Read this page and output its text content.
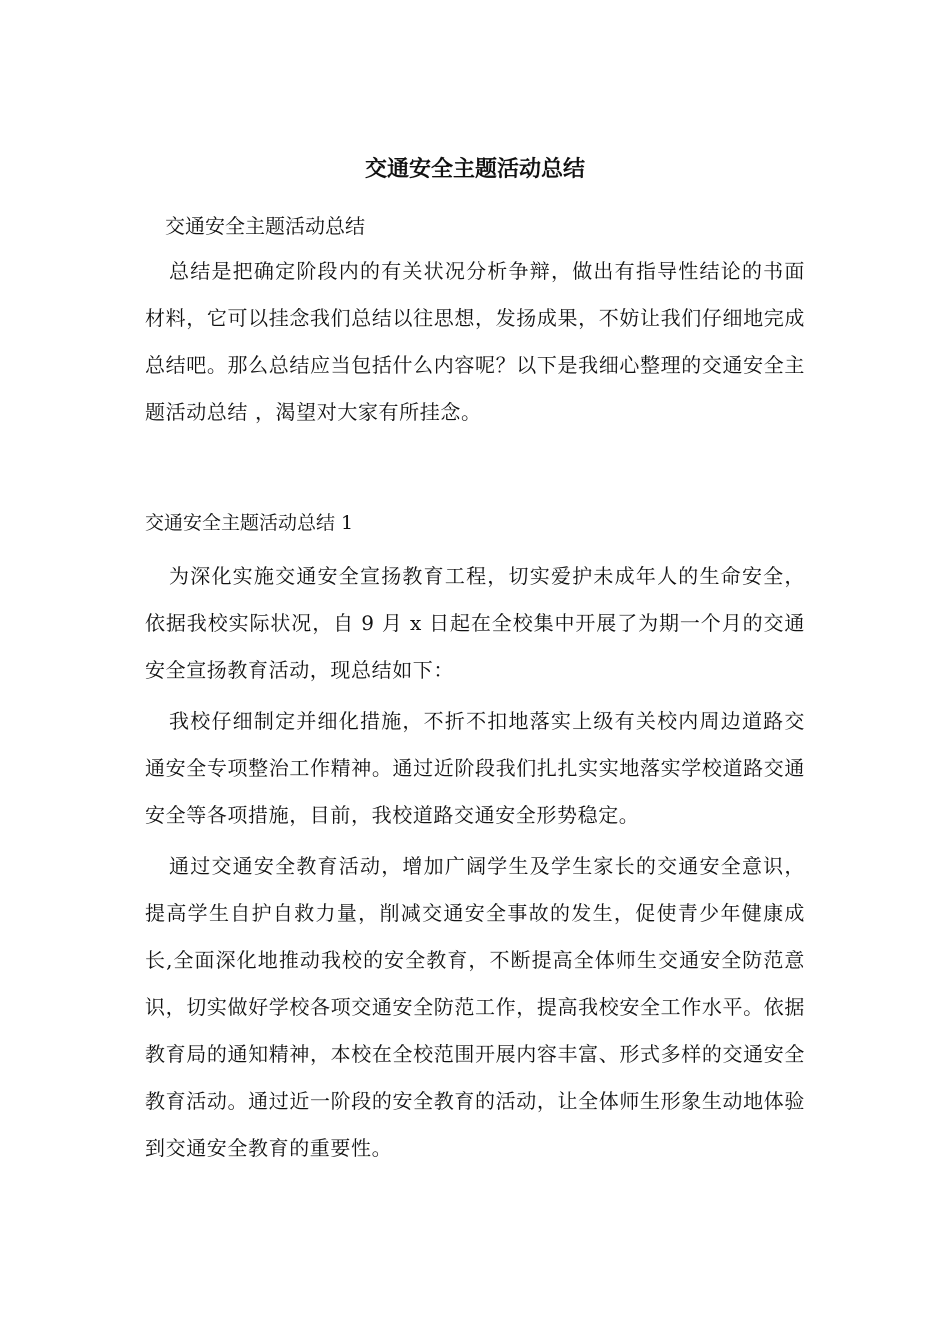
交通安全主题活动总结

交通安全主题活动总结

总结是把确定阶段内的有关状况分析争辩，做出有指导性结论的书面材料，它可以挂念我们总结以往思想，发扬成果，不妨让我们仔细地完成总结吧。那么总结应当包括什么内容呢？以下是我细心整理的交通安全主题活动总结 ，渴望对大家有所挂念。

交通安全主题活动总结 1

为深化实施交通安全宣扬教育工程，切实爱护未成年人的生命安全，依据我校实际状况，自 9 月 x 日起在全校集中开展了为期一个月的交通安全宣扬教育活动，现总结如下：

我校仔细制定并细化措施，不折不扣地落实上级有关校内周边道路交通安全专项整治工作精神。通过近阶段我们扎扎实实地落实学校道路交通安全等各项措施，目前，我校道路交通安全形势稳定。

通过交通安全教育活动，增加广阔学生及学生家长的交通安全意识，提高学生自护自救力量，削减交通安全事故的发生，促使青少年健康成长,全面深化地推动我校的安全教育，不断提高全体师生交通安全防范意识，切实做好学校各项交通安全防范工作，提高我校安全工作水平。依据教育局的通知精神，本校在全校范围开展内容丰富、形式多样的交通安全教育活动。通过近一阶段的安全教育的活动，让全体师生形象生动地体验到交通安全教育的重要性。
